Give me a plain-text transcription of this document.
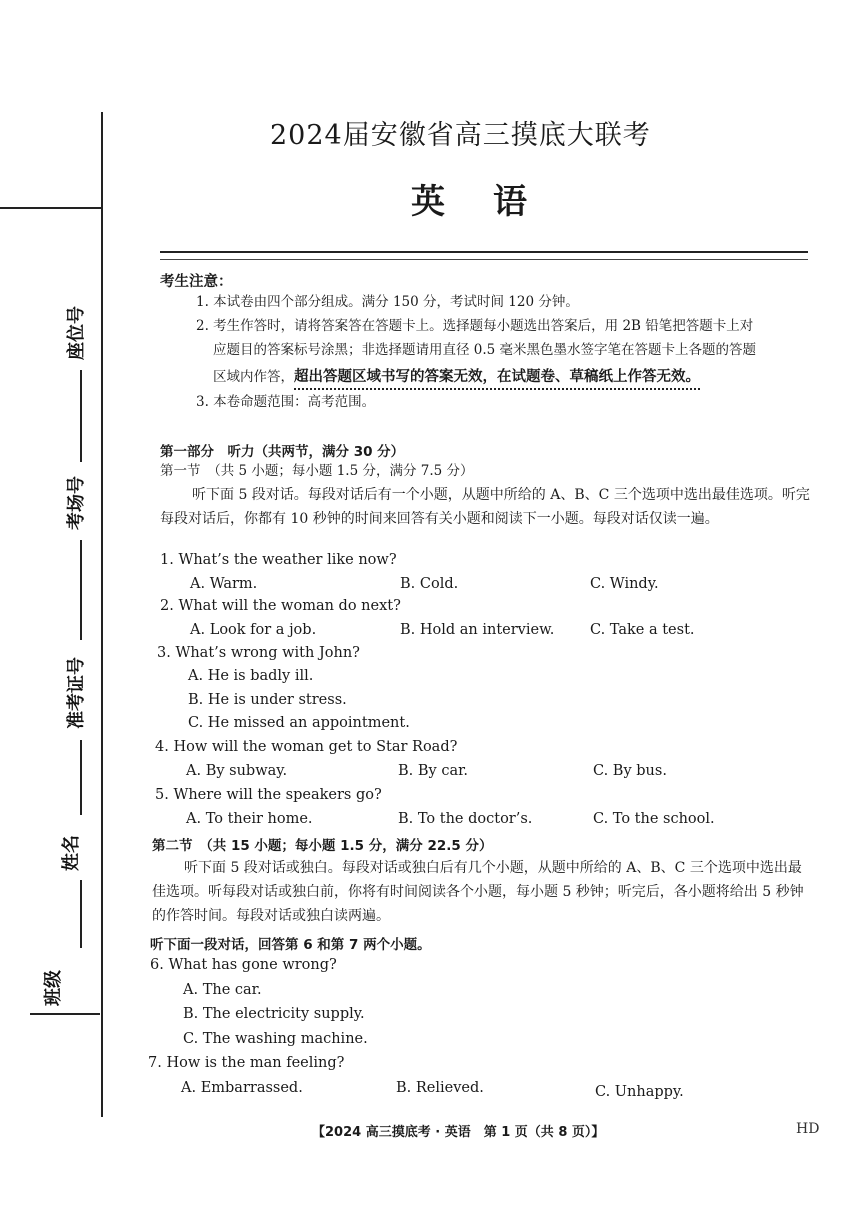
座位号
考场号
准考证号
姓名
班级
2024届安徽省高三摸底大联考
英语
考生注意：
1. 本试卷由四个部分组成。满分 150 分，考试时间 120 分钟。
2. 考生作答时，请将答案答在答题卡上。选择题每小题选出答案后，用 2B 铅笔把答题卡上对
应题目的答案标号涂黑；非选择题请用直径 0.5 毫米黑色墨水签字笔在答题卡上各题的答题
区域内作答，超出答题区域书写的答案无效，在试题卷、草稿纸上作答无效。
3. 本卷命题范围：高考范围。
第一部分　听力（共两节，满分 30 分）
第一节　（共 5 小题；每小题 1.5 分，满分 7.5 分）
听下面 5 段对话。每段对话后有一个小题，从题中所给的 A、B、C 三个选项中选出最佳选项。听完每段对话后，你都有 10 秒钟的时间来回答有关小题和阅读下一小题。每段对话仅读一遍。
1. What’s the weather like now?
A. Warm.	B. Cold.	C. Windy.
2. What will the woman do next?
A. Look for a job.	B. Hold an interview. C. Take a test.
3. What’s wrong with John?
A. He is badly ill.
B. He is under stress.
C. He missed an appointment.
4. How will the woman get to Star Road?
A. By subway.	B. By car.	C. By bus.
5. Where will the speakers go?
A. To their home.	B. To the doctor’s.	C. To the school.
第二节　（共 15 小题；每小题 1.5 分，满分 22.5 分）
听下面 5 段对话或独白。每段对话或独白后有几个小题，从题中所给的 A、B、C 三个选项中选出最佳选项。听每段对话或独白前，你将有时间阅读各个小题，每小题 5 秒钟；听完后，各小题将给出 5 秒钟的作答时间。每段对话或独白读两遍。
听下面一段对话，回答第 6 和第 7 两个小题。
6. What has gone wrong?
A. The car.
B. The electricity supply.
C. The washing machine.
7. How is the man feeling?
A. Embarrassed.	B. Relieved.	C. Unhappy.
【2024 高三摸底考 · 英语　第 1 页（共 8 页）】	HD
